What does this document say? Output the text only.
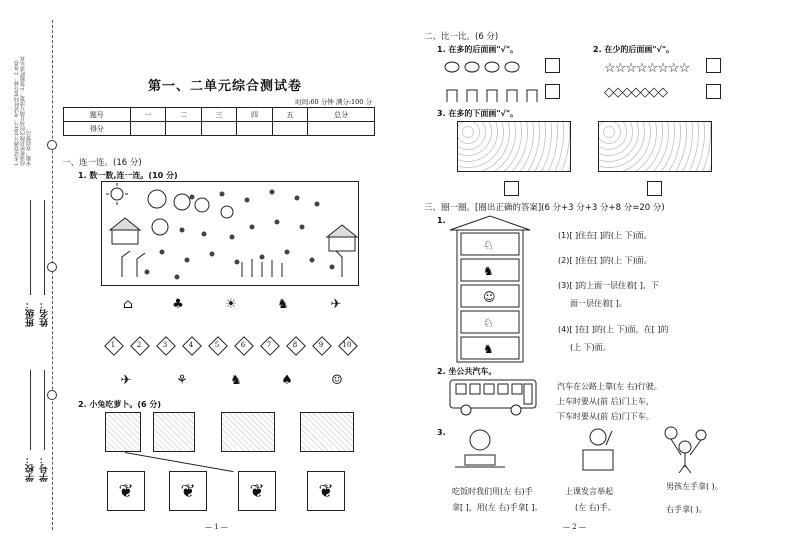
1.本试卷满分100分，考试时间60分钟。2.答卷前请将密封线内的项目填写清楚。3.答题时请认真审题，卷面整洁。
班级： 姓名：
学校： 学号：
第一、二单元综合测试卷
时间:60 分钟 满分:100 分
题号	一	二	三	四	五	总分
得分						
一、连一连。(16 分)
1. 数一数,连一连。(10 分)
⌂	♣	☀	♞	✈
1	2	3	4	5	6	7	8	9	10
✈	⚘	♞	♠	☺
2. 小兔吃萝卜。(6 分)
❦	❦	❦	❦
— 1 —
二、比一比。(6 分)
1. 在多的后面画"√"。	2. 在少的后面画"√"。
☆☆☆☆☆☆☆☆
◇◇◇◇◇◇◇
3. 在多的下面画"√"。
三、圈一圈。[圈出正确的答案](6 分+3 分+3 分+8 分=20 分)
1.
♘
♞
☺
♘
♞
(1)[ ]住在[ ]的(上 下)面。
(2)[ ]住在[ ]的(上 下)面。
(3)[ ]的上面一层住着[ ]，下
面一层住着[ ]。
(4)[ ]在[ ]的(上 下)面，在[ ]的
(上 下)面。
2. 坐公共汽车。
汽车在公路上靠(左 右)行驶。
上车时要从(前 后)门上车，
下车时要从(前 后)门下车。
3.
吃饭时我们用(左 右)手
拿[ ]，用(左 右)手拿[ ]。
上课发言举起
(左 右)手。
男孩左手拿( )。
右手拿( )。
— 2 —
